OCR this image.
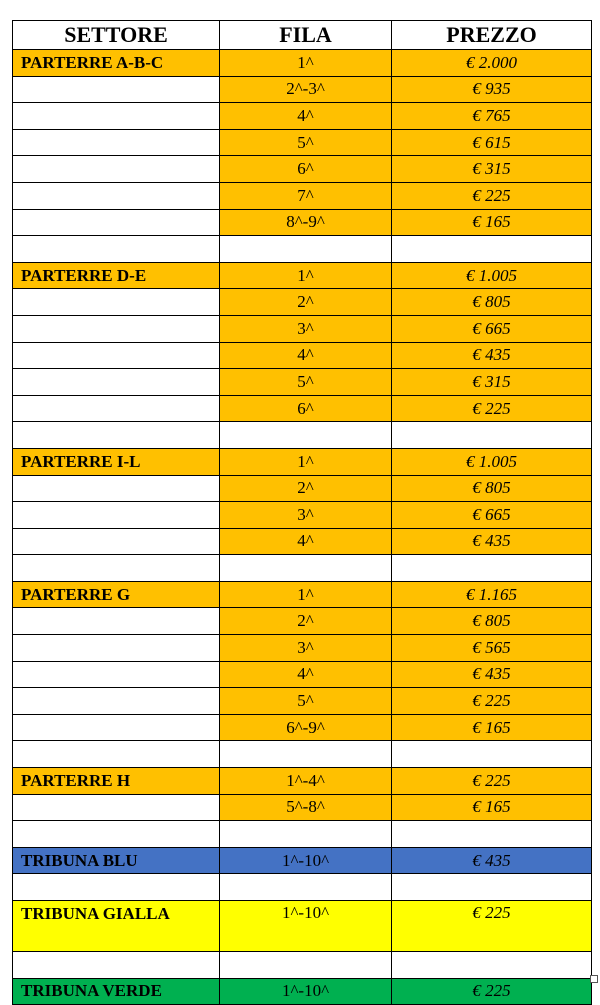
SETTORE	FILA	PREZZO
PARTERRE A-B-C	1^	€ 2.000
	2^-3^	€ 935
	4^	€ 765
	5^	€ 615
	6^	€ 315
	7^	€ 225
	8^-9^	€ 165

PARTERRE D-E	1^	€ 1.005
	2^	€ 805
	3^	€ 665
	4^	€ 435
	5^	€ 315
	6^	€ 225

PARTERRE I-L	1^	€ 1.005
	2^	€ 805
	3^	€ 665
	4^	€ 435

PARTERRE G	1^	€ 1.165
	2^	€ 805
	3^	€ 565
	4^	€ 435
	5^	€ 225
	6^-9^	€ 165

PARTERRE H	1^-4^	€ 225
	5^-8^	€ 165

TRIBUNA BLU	1^-10^	€ 435

TRIBUNA GIALLA	1^-10^	€ 225

TRIBUNA VERDE	1^-10^	€ 225
